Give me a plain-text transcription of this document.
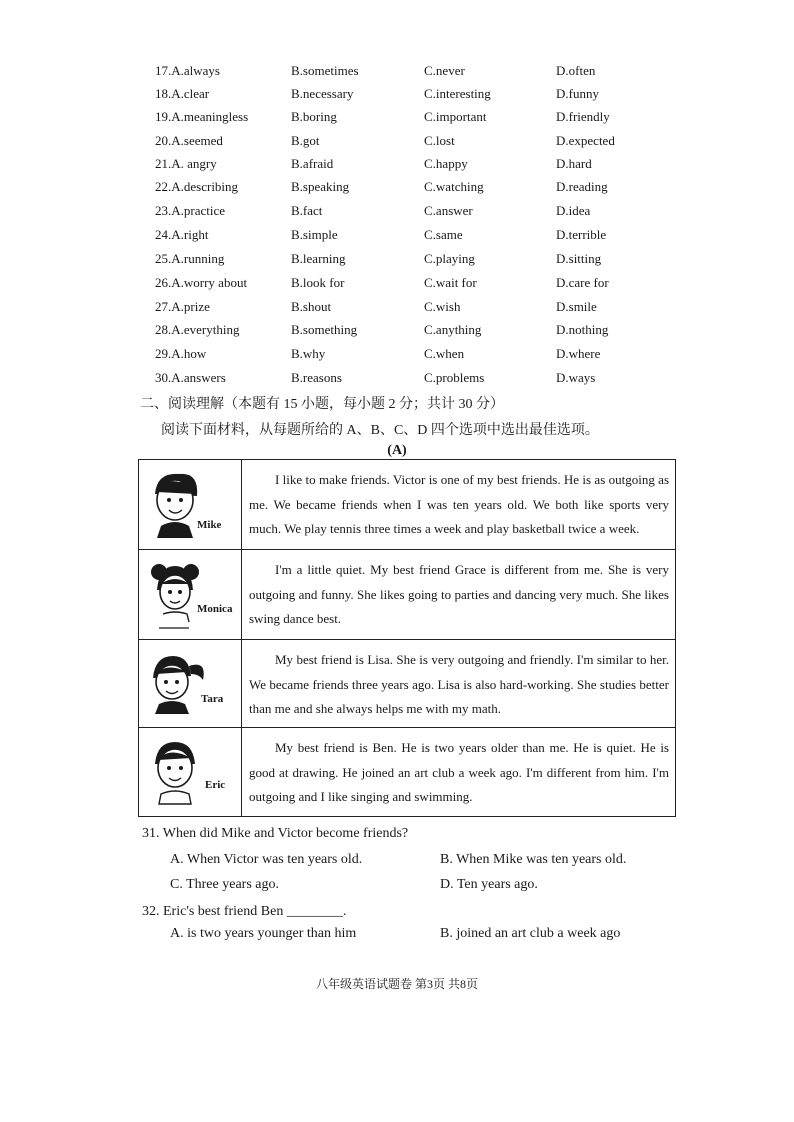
17.A.always	B.sometimes	C.never	D.often
18.A.clear	B.necessary	C.interesting	D.funny
19.A.meaningless	B.boring	C.important	D.friendly
20.A.seemed	B.got	C.lost	D.expected
21.A. angry	B.afraid	C.happy	D.hard
22.A.describing	B.speaking	C.watching	D.reading
23.A.practice	B.fact	C.answer	D.idea
24.A.right	B.simple	C.same	D.terrible
25.A.running	B.learning	C.playing	D.sitting
26.A.worry about	B.look for	C.wait for	D.care for
27.A.prize	B.shout	C.wish	D.smile
28.A.everything	B.something	C.anything	D.nothing
29.A.how	B.why	C.when	D.where
30.A.answers	B.reasons	C.problems	D.ways
二、阅读理解（本题有 15 小题，每小题 2 分；共计 30 分）
阅读下面材料，从每题所给的 A、B、C、D 四个选项中选出最佳选项。
(A)
Mike
I like to make friends. Victor is one of my best friends. He is as outgoing as me. We became friends when I was ten years old. We both like sports very much. We play tennis three times a week and play basketball twice a week.
Monica
I'm a little quiet. My best friend Grace is different from me. She is very outgoing and funny. She likes going to parties and dancing very much. She likes swing dance best.
Tara
My best friend is Lisa. She is very outgoing and friendly. I'm similar to her. We became friends three years ago. Lisa is also hard-working. She studies better than me and she always helps me with my math.
Eric
My best friend is Ben. He is two years older than me. He is quiet. He is good at drawing. He joined an art club a week ago. I'm different from him. I'm outgoing and I like singing and swimming.
31. When did Mike and Victor become friends?
A. When Victor was ten years old.	B. When Mike was ten years old.
C. Three years ago.	D. Ten years ago.
32. Eric's best friend Ben ________.
A. is two years younger than him	B. joined an art club a week ago
八年级英语试题卷 第3页 共8页
